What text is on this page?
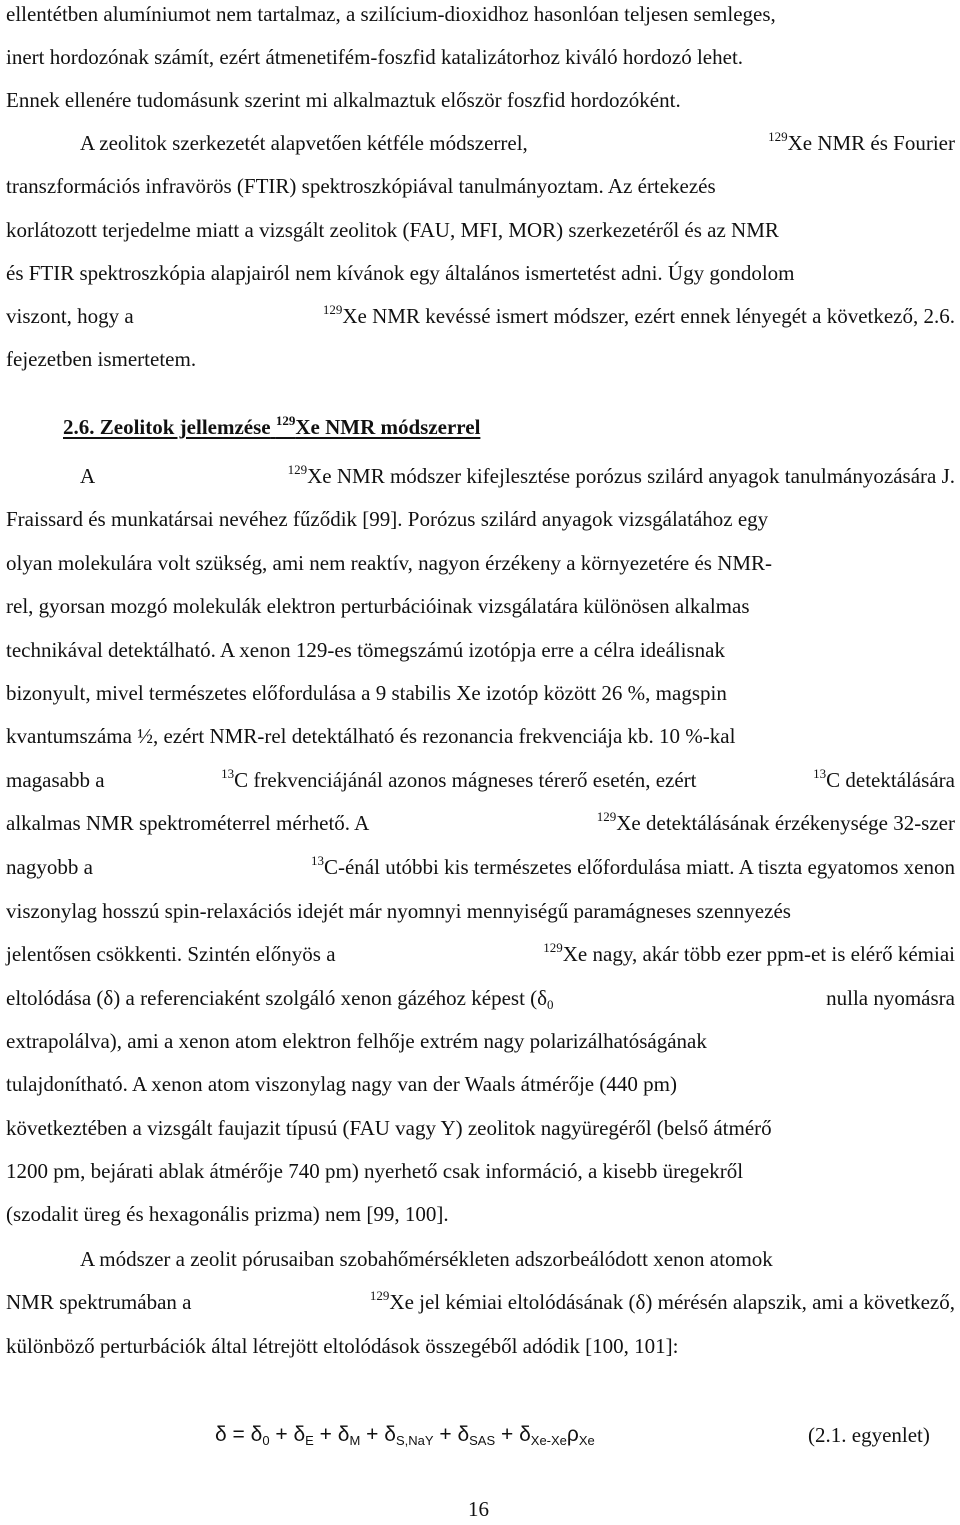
ellentétben alumíniumot nem tartalmaz, a szilícium-dioxidhoz hasonlóan teljesen semleges,
inert hordozónak számít, ezért átmenetifém-foszfid katalizátorhoz kiváló hordozó lehet.
Ennek ellenére tudomásunk szerint mi alkalmaztuk először foszfid hordozóként.
A zeolitok szerkezetét alapvetően kétféle módszerrel,	$^{129}$Xe NMR és Fourier
transzformációs infravörös (FTIR) spektroszkópiával tanulmányoztam. Az értekezés
korlátozott terjedelme miatt a vizsgált zeolitok (FAU, MFI, MOR) szerkezetéről és az NMR
és FTIR spektroszkópia alapjairól nem kívánok egy általános ismertetést adni. Úgy gondolom
viszont, hogy a	$^{129}$Xe NMR kevéssé ismert módszer, ezért ennek lényegét a következő, 2.6.
fejezetben ismertetem.
2.6. Zeolitok jellemzése $^{129}$Xe NMR módszerrel
A	$^{129}$Xe NMR módszer kifejlesztése porózus szilárd anyagok tanulmányozására J.
Fraissard és munkatársai nevéhez fűződik [99]. Porózus szilárd anyagok vizsgálatához egy
olyan molekulára volt szükség, ami nem reaktív, nagyon érzékeny a környezetére és NMR-
rel, gyorsan mozgó molekulák elektron perturbációinak vizsgálatára különösen alkalmas
technikával detektálható. A xenon 129-es tömegszámú izotópja erre a célra ideálisnak
bizonyult, mivel természetes előfordulása a 9 stabilis Xe izotóp között 26 %, magspin
kvantumszáma ½, ezért NMR-rel detektálható és rezonancia frekvenciája kb. 10 %-kal
magasabb a	$^{13}$C frekvenciájánál azonos mágneses térerő esetén, ezért	$^{13}$C detektálására
alkalmas NMR spektrométerrel mérhető. A	$^{129}$Xe detektálásának érzékenysége 32-szer
nagyobb a	$^{13}$C-énál utóbbi kis természetes előfordulása miatt. A tiszta egyatomos xenon
viszonylag hosszú spin-relaxációs idejét már nyomnyi mennyiségű paramágneses szennyezés
jelentősen csökkenti. Szintén előnyös a	$^{129}$Xe nagy, akár több ezer ppm-et is elérő kémiai
eltolódása (δ) a referenciaként szolgáló xenon gázéhoz képest ($\delta_0$	nulla nyomásra
extrapolálva), ami a xenon atom elektron felhője extrém nagy polarizálhatóságának
tulajdonítható. A xenon atom viszonylag nagy van der Waals átmérője (440 pm)
következtében a vizsgált faujazit típusú (FAU vagy Y) zeolitok nagyüregéről (belső átmérő
1200 pm, bejárati ablak átmérője 740 pm) nyerhető csak információ, a kisebb üregekről
(szodalit üreg és hexagonális prizma) nem [99, 100].
A módszer a zeolit pórusaiban szobahőmérsékleten adszorbeálódott xenon atomok
NMR spektrumában a	$^{129}$Xe jel kémiai eltolódásának (δ) mérésén alapszik, ami a következő,
különböző perturbációk által létrejött eltolódások összegéből adódik [100, 101]:
$\delta = \delta_0 + \delta_E + \delta_M + \delta_{S,NaY} + \delta_{SAS} + \delta_{Xe-Xe}\rho_{Xe}$	(2.1. egyenlet)
16
